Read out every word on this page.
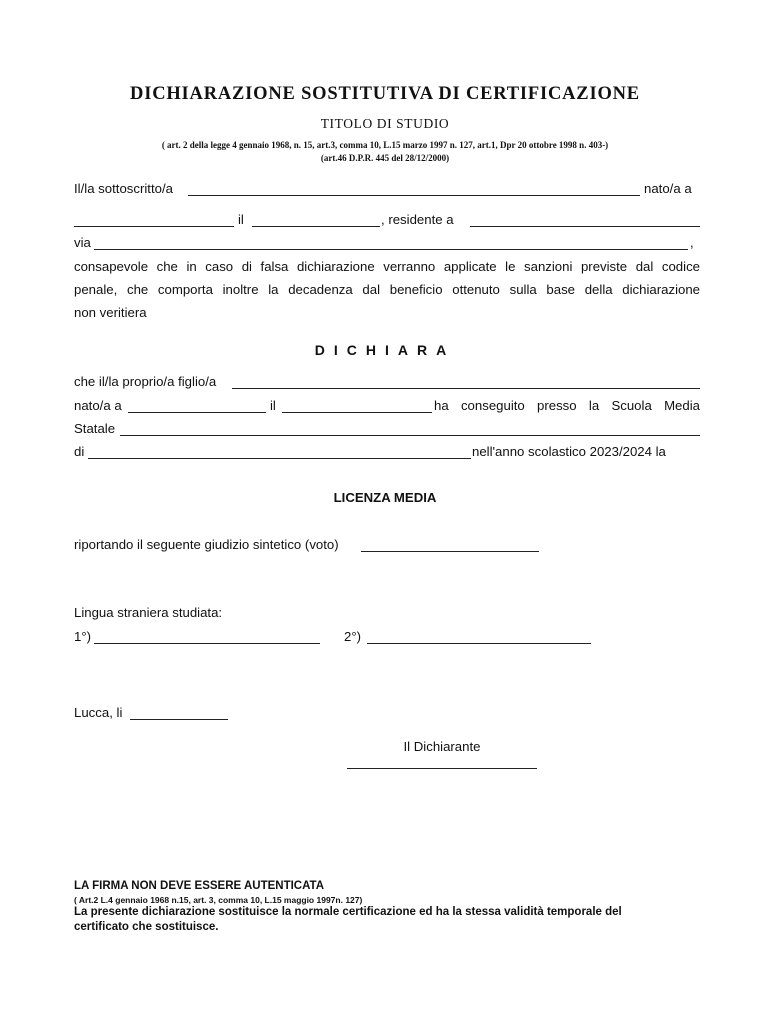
DICHIARAZIONE SOSTITUTIVA DI CERTIFICAZIONE
TITOLO DI STUDIO
( art. 2 della legge 4 gennaio 1968, n. 15, art.3, comma 10, L.15 marzo 1997 n. 127, art.1, Dpr 20 ottobre 1998 n. 403-)
(art.46 D.P.R. 445 del 28/12/2000)
Il/la sottoscritto/a	nato/a a
il	, residente a
via	,
consapevole che in caso di falsa dichiarazione verranno applicate le sanzioni previste dal codice
penale, che comporta inoltre la decadenza dal beneficio ottenuto sulla base della dichiarazione
non veritiera
DICHIARA
che il/la proprio/a figlio/a
nato/a a	il	ha conseguito presso la Scuola Media
Statale
di	nell'anno scolastico 2023/2024 la
LICENZA MEDIA
riportando il seguente giudizio sintetico (voto)
Lingua straniera studiata:
1°)	2°)
Lucca, li
Il Dichiarante
LA FIRMA NON DEVE ESSERE AUTENTICATA
( Art.2 L.4 gennaio 1968 n.15, art. 3, comma 10, L.15 maggio 1997n. 127)
La presente dichiarazione sostituisce la normale certificazione ed ha la stessa validità temporale del
certificato che sostituisce.
